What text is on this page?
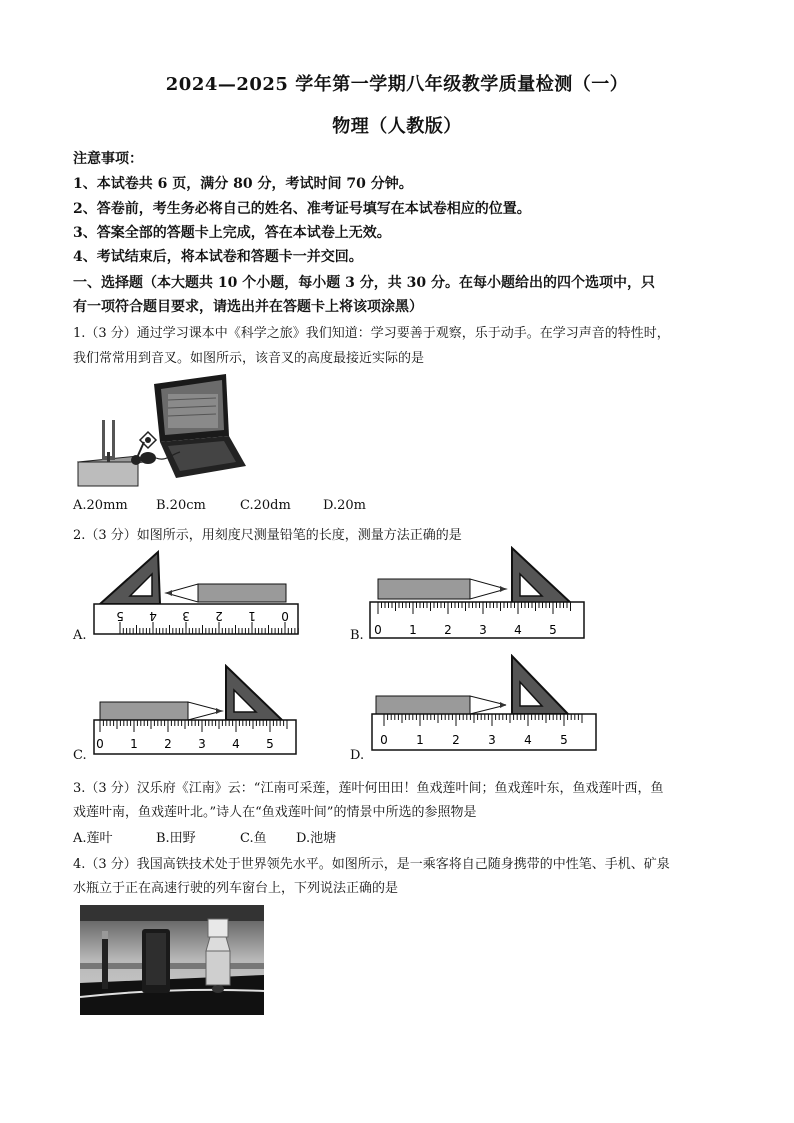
2024—2025 学年第一学期八年级教学质量检测（一）
物理（人教版）
注意事项：
1、本试卷共 6 页，满分 80 分，考试时间 70 分钟。
2、答卷前，考生务必将自己的姓名、准考证号填写在本试卷相应的位置。
3、答案全部的答题卡上完成，答在本试卷上无效。
4、考试结束后，将本试卷和答题卡一并交回。
一、选择题（本大题共 10 个小题，每小题 3 分，共 30 分。在每小题给出的四个选项中，只
有一项符合题目要求，请选出并在答题卡上将该项涂黑）
1.（3 分）通过学习课本中《科学之旅》我们知道：学习要善于观察，乐于动手。在学习声音的特性时，
我们常常用到音叉。如图所示，该音叉的高度最接近实际的是
A.20mm B.20cm	C.20dm D.20m
2.（3 分）如图所示，用刻度尺测量铅笔的长度，测量方法正确的是
A.
5 4 3 2 1 0
B. 0 1 2 3 4 5
C.
0 1 2 3 4 5
D.
0 1 2 3 4 5
3.（3 分）汉乐府《江南》云：“江南可采莲，莲叶何田田！鱼戏莲叶间；鱼戏莲叶东，鱼戏莲叶西，鱼
戏莲叶南，鱼戏莲叶北。”诗人在“鱼戏莲叶间”的情景中所选的参照物是
A.莲叶	B.田野	C.鱼 D.池塘
4.（3 分）我国高铁技术处于世界领先水平。如图所示，是一乘客将自己随身携带的中性笔、手机、矿泉
水瓶立于正在高速行驶的列车窗台上，下列说法正确的是
